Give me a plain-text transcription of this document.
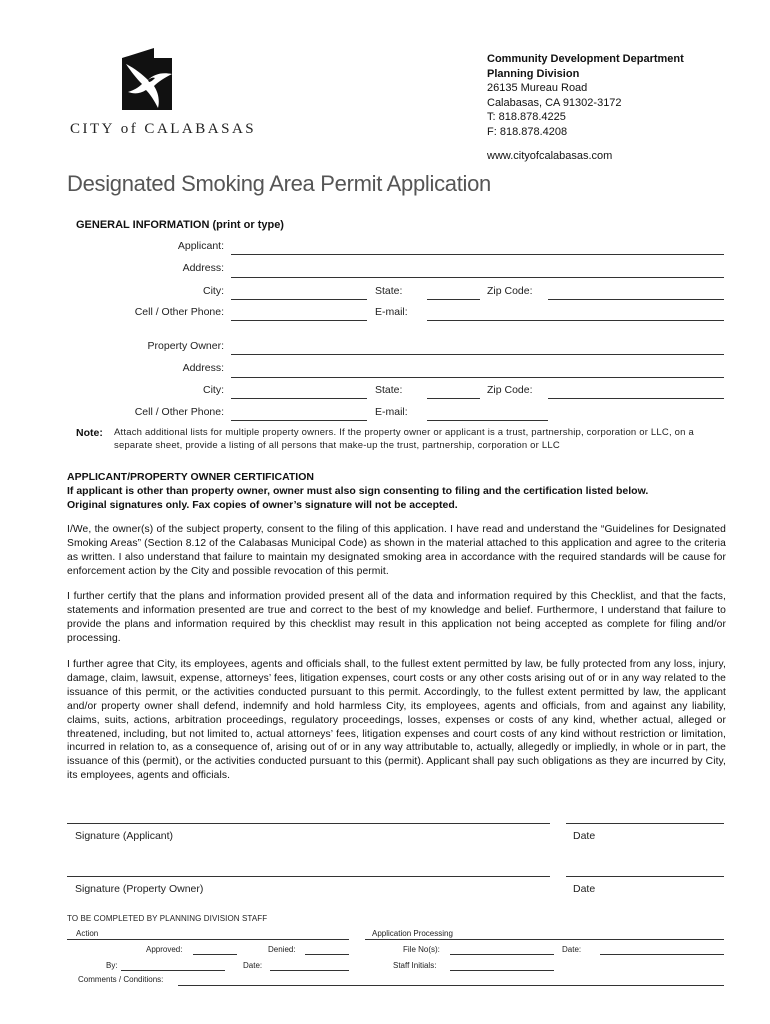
CITY of CALABASAS
Community Development Department
Planning Division
26135 Mureau Road
Calabasas, CA 91302-3172
T: 818.878.4225
F: 818.878.4208
www.cityofcalabasas.com
Designated Smoking Area Permit Application
GENERAL INFORMATION (print or type)
Applicant:
Address:
City:	State:	Zip Code:
Cell / Other Phone:	E-mail:
Property Owner:
Address:
City:	State:	Zip Code:
Cell / Other Phone:	E-mail:
Note: Attach additional lists for multiple property owners. If the property owner or applicant is a trust, partnership, corporation or LLC, on a separate sheet, provide a listing of all persons that make-up the trust, partnership, corporation or LLC
APPLICANT/PROPERTY OWNER CERTIFICATION
If applicant is other than property owner, owner must also sign consenting to filing and the certification listed below.
Original signatures only. Fax copies of owner’s signature will not be accepted.
I/We, the owner(s) of the subject property, consent to the filing of this application. I have read and understand the “Guidelines for Designated Smoking Areas” (Section 8.12 of the Calabasas Municipal Code) as shown in the material attached to this application and agree to the criteria as written. I also understand that failure to maintain my designated smoking area in accordance with the required standards will be cause for enforcement action by the City and possible revocation of this permit.
I further certify that the plans and information provided present all of the data and information required by this Checklist, and that the facts, statements and information presented are true and correct to the best of my knowledge and belief. Furthermore, I understand that failure to provide the plans and information required by this checklist may result in this application not being accepted as complete for filing and/or processing.
I further agree that City, its employees, agents and officials shall, to the fullest extent permitted by law, be fully protected from any loss, injury, damage, claim, lawsuit, expense, attorneys’ fees, litigation expenses, court costs or any other costs arising out of or in any way related to the issuance of this permit, or the activities conducted pursuant to this permit. Accordingly, to the fullest extent permitted by law, the applicant and/or property owner shall defend, indemnify and hold harmless City, its employees, agents and officials, from and against any liability, claims, suits, actions, arbitration proceedings, regulatory proceedings, losses, expenses or costs of any kind, whether actual, alleged or threatened, including, but not limited to, actual attorneys’ fees, litigation expenses and court costs of any kind without restriction or limitation, incurred in relation to, as a consequence of, arising out of or in any way attributable to, actually, allegedly or impliedly, in whole or in part, the issuance of this (permit), or the activities conducted pursuant to this (permit). Applicant shall pay such obligations as they are incurred by City, its employees, agents and officials.
Signature (Applicant)	Date
Signature (Property Owner)	Date
TO BE COMPLETED BY PLANNING DIVISION STAFF
Action	Application Processing
Approved:	Denied:	File No(s):	Date:
By:	Date:	Staff Initials:
Comments / Conditions:
